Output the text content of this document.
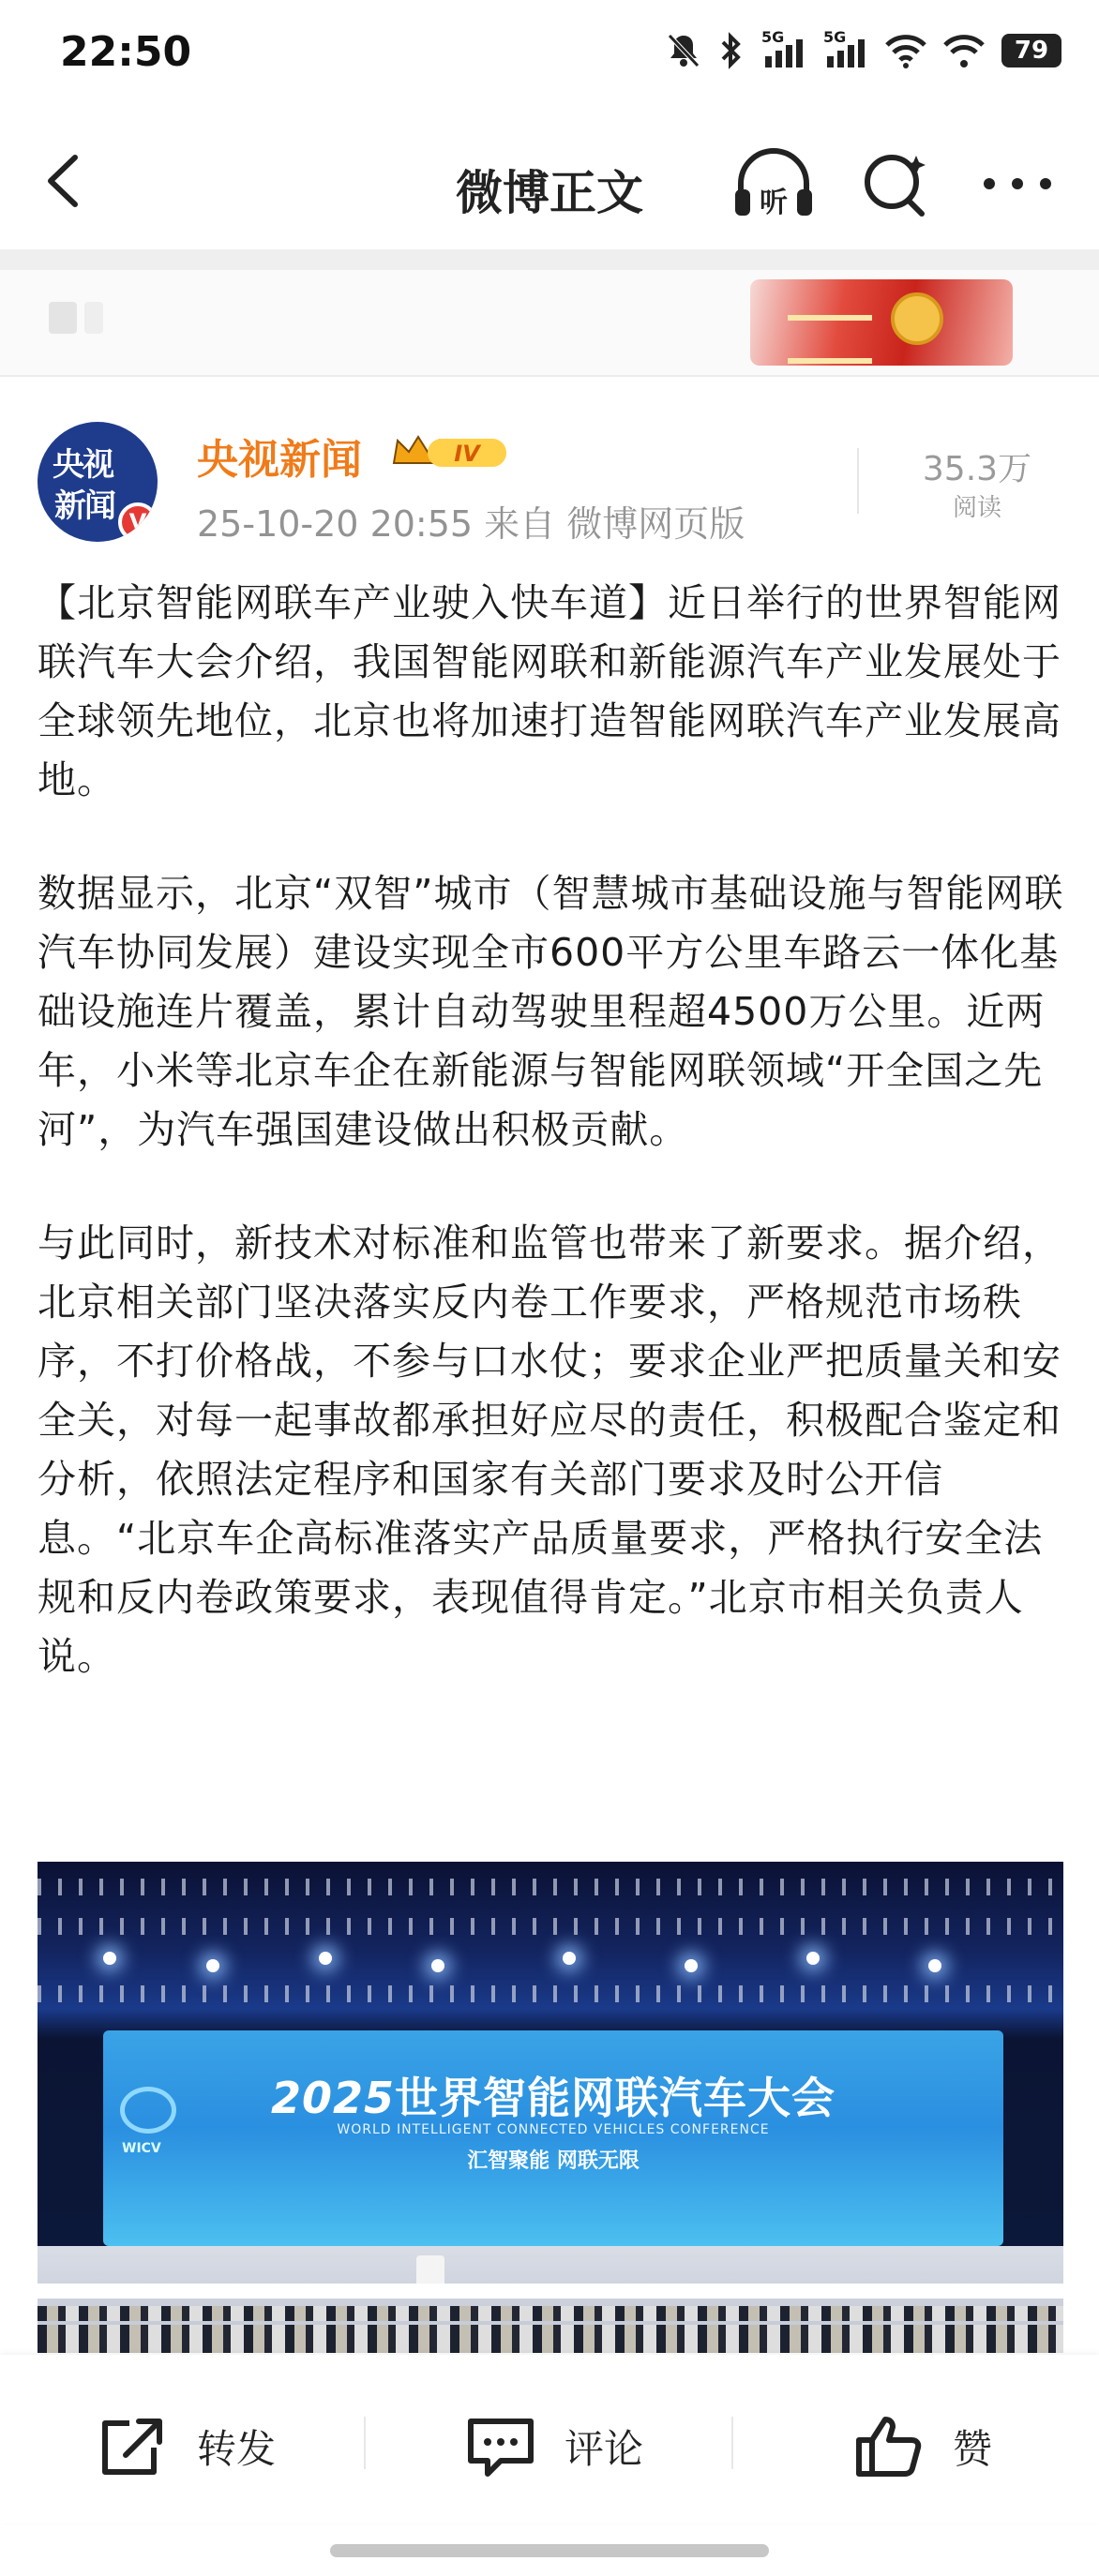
22:50	5G	5G	79
微博正文	听
央视
新闻 V
央视新闻	IV
25-10-20 20:55 来自 微博网页版
35.3万
阅读

【北京智能网联车产业驶入快车道】近日举行的世界智能网联汽车大会介绍，我国智能网联和新能源汽车产业发展处于全球领先地位，北京也将加速打造智能网联汽车产业发展高地。

数据显示，北京“双智”城市（智慧城市基础设施与智能网联汽车协同发展）建设实现全市600平方公里车路云一体化基础设施连片覆盖，累计自动驾驶里程超4500万公里。近两年，小米等北京车企在新能源与智能网联领域“开全国之先河”，为汽车强国建设做出积极贡献。

与此同时，新技术对标准和监管也带来了新要求。据介绍，北京相关部门坚决落实反内卷工作要求，严格规范市场秩序，不打价格战，不参与口水仗；要求企业严把质量关和安全关，对每一起事故都承担好应尽的责任，积极配合鉴定和分析，依照法定程序和国家有关部门要求及时公开信息。“北京车企高标准落实产品质量要求，严格执行安全法规和反内卷政策要求，表现值得肯定。”北京市相关负责人说。

WICV
2025世界智能网联汽车大会
WORLD INTELLIGENT CONNECTED VEHICLES CONFERENCE
汇智聚能 网联无限
转发	评论	赞
